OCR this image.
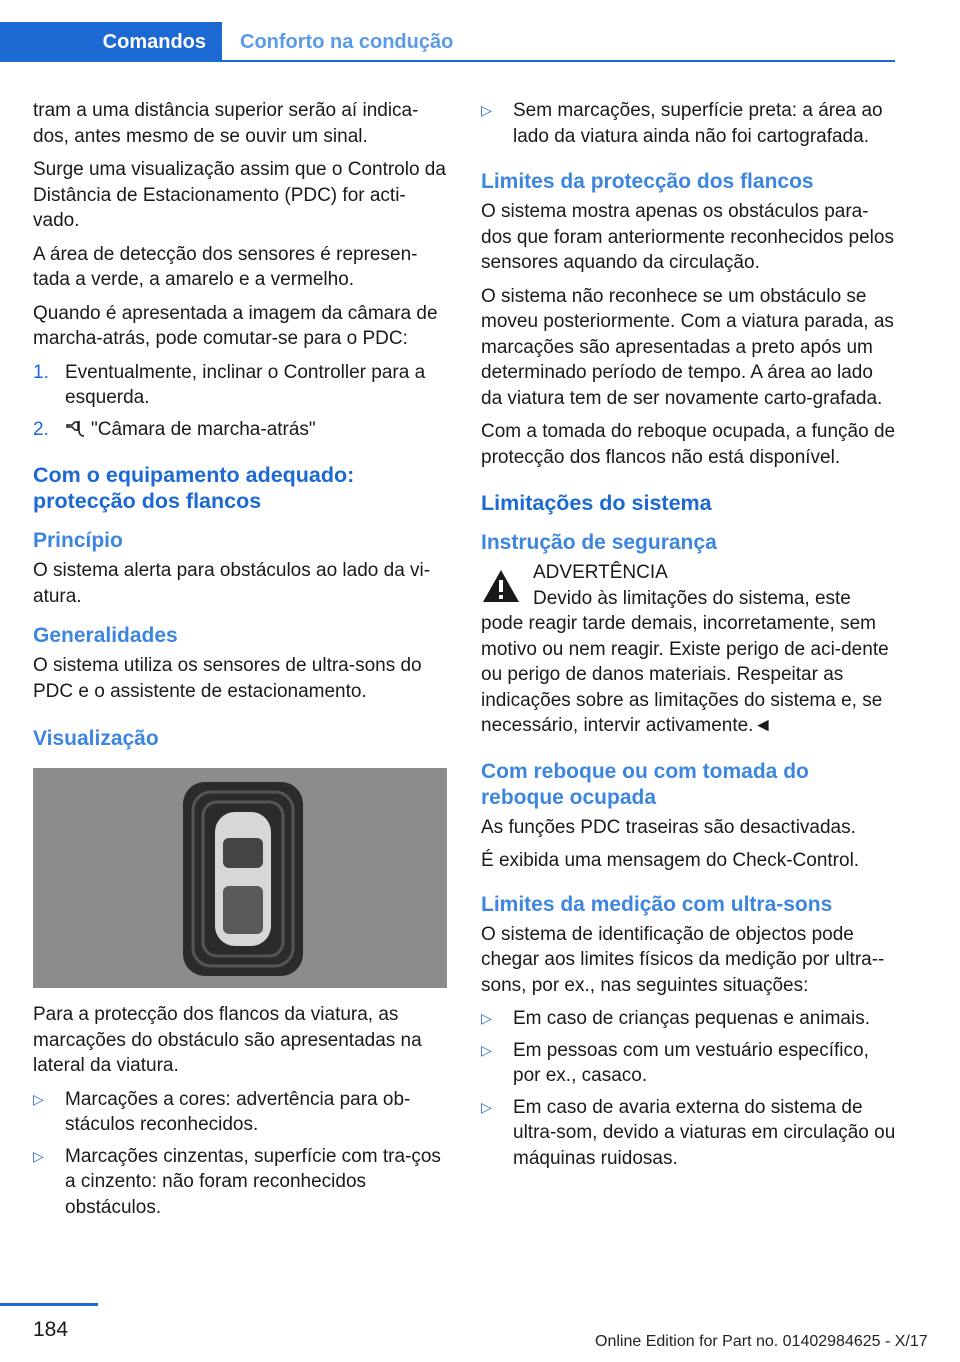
Comandos	Conforto na condução

tram a uma distância superior serão aí indica-dos, antes mesmo de se ouvir um sinal.

Surge uma visualização assim que o Controlo da Distância de Estacionamento (PDC) for acti-vado.

A área de detecção dos sensores é represen-tada a verde, a amarelo e a vermelho.

Quando é apresentada a imagem da câmara de marcha-atrás, pode comutar-se para o PDC:

1. Eventualmente, inclinar o Controller para a esquerda.
2.	"Câmara de marcha-atrás"
Com o equipamento adequado: protecção dos flancos
Princípio

O sistema alerta para obstáculos ao lado da vi-atura.

Generalidades

O sistema utiliza os sensores de ultra-sons do PDC e o assistente de estacionamento.

Visualização

Para a protecção dos flancos da viatura, as marcações do obstáculo são apresentadas na lateral da viatura.

▷	Marcações a cores: advertência para ob-stáculos reconhecidos.
▷	Marcações cinzentas, superfície com tra-ços a cinzento: não foram reconhecidos obstáculos.
▷	Sem marcações, superfície preta: a área ao lado da viatura ainda não foi cartografada.
Limites da protecção dos flancos

O sistema mostra apenas os obstáculos para-dos que foram anteriormente reconhecidos pelos sensores aquando da circulação.

O sistema não reconhece se um obstáculo se moveu posteriormente. Com a viatura parada, as marcações são apresentadas a preto após um determinado período de tempo. A área ao lado da viatura tem de ser novamente carto-grafada.

Com a tomada do reboque ocupada, a função de protecção dos flancos não está disponível.

Limitações do sistema
Instrução de segurança
ADVERTÊNCIA
Devido às limitações do sistema, este

pode reagir tarde demais, incorretamente, sem motivo ou nem reagir. Existe perigo de aci-dente ou perigo de danos materiais. Respeitar as indicações sobre as limitações do sistema e, se necessário, intervir activamente.◄

Com reboque ou com tomada do reboque ocupada

As funções PDC traseiras são desactivadas.

É exibida uma mensagem do Check-Control.

Limites da medição com ultra-sons

O sistema de identificação de objectos pode chegar aos limites físicos da medição por ultra--sons, por ex., nas seguintes situações:

▷	Em caso de crianças pequenas e animais.
▷	Em pessoas com um vestuário específico, por ex., casaco.
▷	Em caso de avaria externa do sistema de ultra-som, devido a viaturas em circulação ou máquinas ruidosas.
184
Online Edition for Part no. 01402984625 - X/17
